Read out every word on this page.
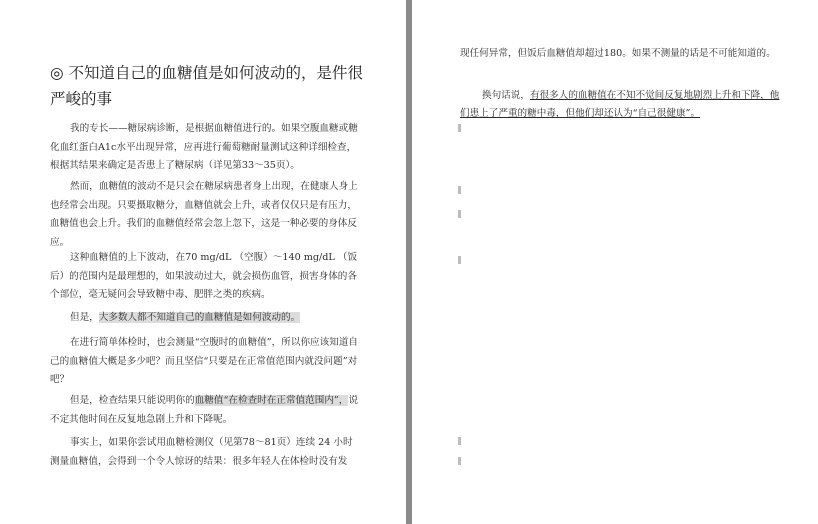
◎ 不知道自己的血糖值是如何波动的，是件很严峻的事
我的专长——糖尿病诊断，是根据血糖值进行的。如果空腹血糖或糖化血红蛋白A1c水平出现异常，应再进行葡萄糖耐量测试这种详细检查，根据其结果来确定是否患上了糖尿病（详见第33～35页）。
然而，血糖值的波动不是只会在糖尿病患者身上出现，在健康人身上也经常会出现。只要摄取糖分，血糖值就会上升，或者仅仅只是有压力，血糖值也会上升。我们的血糖值经常会忽上忽下，这是一种必要的身体反应。
这种血糖值的上下波动，在70 mg/dL （空腹）～140 mg/dL （饭后）的范围内是最理想的，如果波动过大，就会损伤血管，损害身体的各个部位，毫无疑问会导致糖中毒、肥胖之类的疾病。
但是，大多数人都不知道自己的血糖值是如何波动的。
在进行简单体检时，也会测量“空腹时的血糖值”，所以你应该知道自己的血糖值大概是多少吧？而且坚信“只要是在正常值范围内就没问题”对吧？
但是，检查结果只能说明你的血糖值“在检查时在正常值范围内”，说不定其他时间在反复地急剧上升和下降呢。
事实上，如果你尝试用血糖检测仪（见第78～81页）连续 24 小时测量血糖值，会得到一个令人惊讶的结果：很多年轻人在体检时没有发
现任何异常，但饭后血糖值却超过180。如果不测量的话是不可能知道的。
换句话说，有很多人的血糖值在不知不觉间反复地剧烈上升和下降，他们患上了严重的糖中毒，但他们却还认为“自己很健康”。
